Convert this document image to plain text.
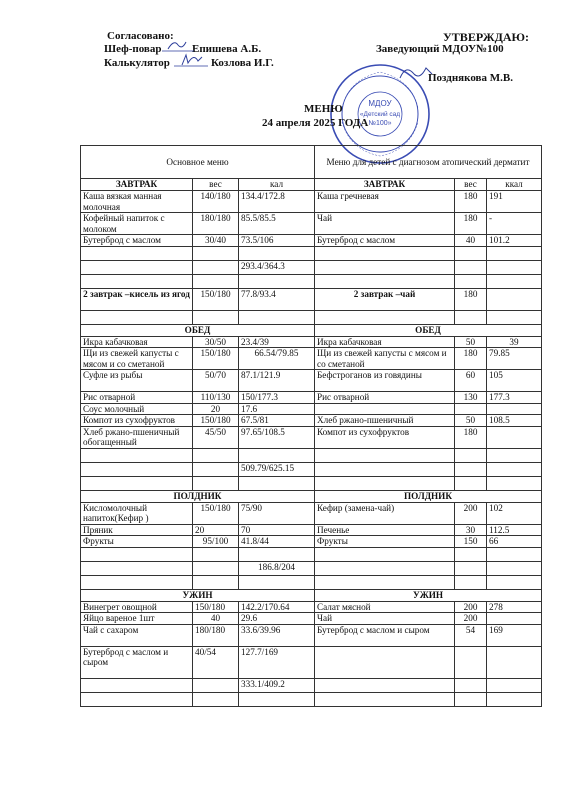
Согласовано:
Шеф-повар	Епишева А.Б.
Калькулятор	Козлова И.Г.
УТВЕРЖДАЮ:
Заведующий МДОУ№100
Позднякова М.В.
МДОУ
«Детский сад
№100»
МЕНЮ
24 апреля 2025 ГОДА
Основное меню			Меню для детей с диагнозом атопический дерматит		
ЗАВТРАК	вес	кал	ЗАВТРАК	вес	ккал
Каша вязкая манная молочная	140/180	134.4/172.8	Каша гречневая	180	191
Кофейный напиток с молоком	180/180	85.5/85.5	Чай	180	-
Бутерброд с маслом	30/40	73.5/106	Бутерброд с маслом	40	101.2

		293.4/364.3			

2 завтрак –кисель из ягод	150/180	77.8/93.4	2 завтрак –чай	180	

ОБЕД			ОБЕД		
Икра кабачковая	30/50	23.4/39	Икра кабачковая	50	39
Щи из свежей капусты с мясом и со сметаной	150/180	66.54/79.85	Щи из свежей капусты с мясом и со сметаной	180	79.85
Суфле из рыбы	50/70	87.1/121.9	Бефстроганов из говядины	60	105
Рис отварной	110/130	150/177.3	Рис отварной	130	177.3
Соус молочный	20	17.6			
Компот из сухофруктов	150/180	67.5/81	Хлеб ржано-пшеничный	50	108.5
Хлеб ржано-пшеничный обогащенный	45/50	97.65/108.5	Компот из сухофруктов	180	

		509.79/625.15			

ПОЛДНИК			ПОЛДНИК		
Кисломолочный напиток(Кефир )	150/180	75/90	Кефир (замена-чай)	200	102
Пряник	20	70	Печенье	30	112.5
Фрукты	95/100	41.8/44	Фрукты	150	66

		186.8/204			

УЖИН			УЖИН		
Винегрет овощной	150/180	142.2/170.64	Салат мясной	200	278
Яйцо вареное 1шт	40	29.6	Чай	200	
Чай с сахаром	180/180	33.6/39.96	Бутерброд с маслом и сыром	54	169
Бутерброд с маслом и сыром	40/54	127.7/169			
		333.1/409.2			
